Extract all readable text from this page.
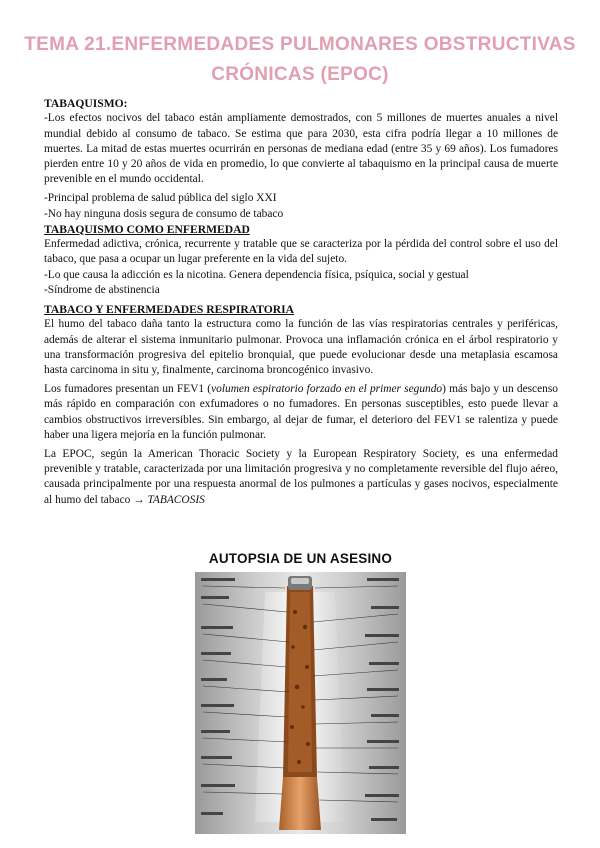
TEMA 21.ENFERMEDADES PULMONARES OBSTRUCTIVAS
CRÓNICAS (EPOC)

TABAQUISMO:

-Los efectos nocivos del tabaco están ampliamente demostrados, con 5 millones de muertes anuales a nivel mundial debido al consumo de tabaco. Se estima que para 2030, esta cifra podría llegar a 10 millones de muertes. La mitad de estas muertes ocurrirán en personas de mediana edad (entre 35 y 69 años). Los fumadores pierden entre 10 y 20 años de vida en promedio, lo que convierte al tabaquismo en la principal causa de muerte prevenible en el mundo occidental.

-Principal problema de salud pública del siglo XXI

-No hay ninguna dosis segura de consumo de tabaco

TABAQUISMO COMO ENFERMEDAD

Enfermedad adictiva, crónica, recurrente y tratable que se caracteriza por la pérdida del control sobre el uso del tabaco, que pasa a ocupar un lugar preferente en la vida del sujeto.

-Lo que causa la adicción es la nicotina. Genera dependencia física, psíquica, social y gestual

-Síndrome de abstinencia

TABACO Y ENFERMEDADES RESPIRATORIA

El humo del tabaco daña tanto la estructura como la función de las vías respiratorias centrales y periféricas, además de alterar el sistema inmunitario pulmonar. Provoca una inflamación crónica en el árbol respiratorio y una transformación progresiva del epitelio bronquial, que puede evolucionar desde una metaplasia escamosa hasta carcinoma in situ y, finalmente, carcinoma broncogénico invasivo.

Los fumadores presentan un FEV1 (volumen espiratorio forzado en el primer segundo) más bajo y un descenso más rápido en comparación con exfumadores o no fumadores. En personas susceptibles, esto puede llevar a cambios obstructivos irreversibles. Sin embargo, al dejar de fumar, el deterioro del FEV1 se ralentiza y puede haber una ligera mejoría en la función pulmonar.

La EPOC, según la American Thoracic Society y la European Respiratory Society, es una enfermedad prevenible y tratable, caracterizada por una limitación progresiva y no completamente reversible del flujo aéreo, causada principalmente por una respuesta anormal de los pulmones a partículas y gases nocivos, especialmente al humo del tabaco → TABACOSIS

AUTOPSIA DE UN ASESINO
